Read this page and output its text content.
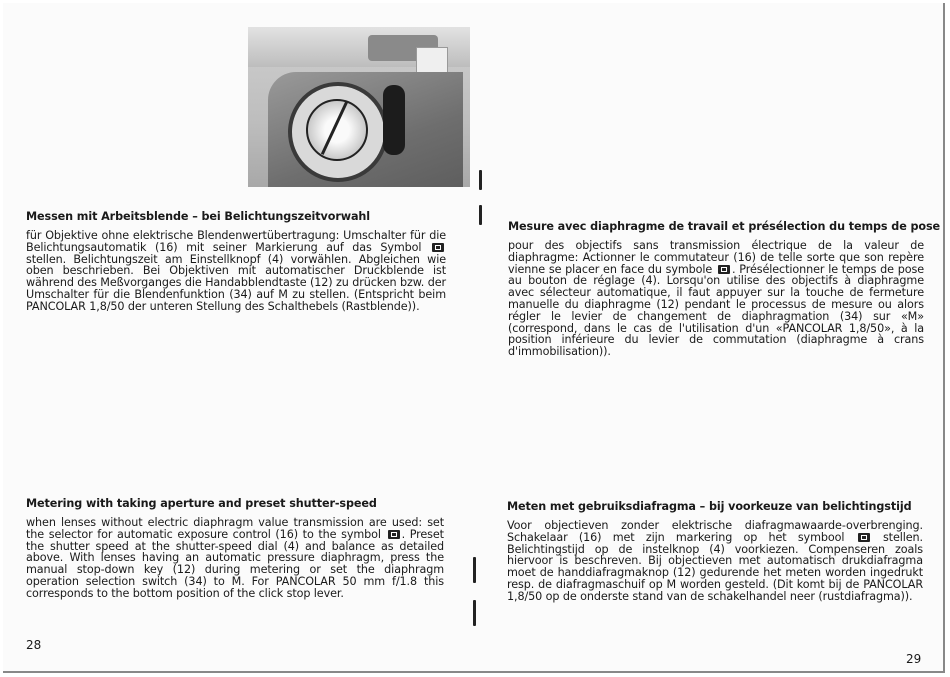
Messen mit Arbeitsblende – bei Belichtungszeitvorwahl

für Objektive ohne elektrische Blendenwertübertragung: Umschalter für die Belichtungsautomatik (16) mit seiner Markierung auf das Symbol  stellen. Belichtungszeit am Einstellknopf (4) vorwählen. Abgleichen wie oben beschrieben. Bei Objektiven mit automatischer Druckblende ist während des Meßvorganges die Handabblendtaste (12) zu drücken bzw. der Umschalter für die Blendenfunktion (34) auf M zu stellen. (Entspricht beim PANCOLAR 1,8/50 der unteren Stellung des Schalthebels (Rastblende)).

Mesure avec diaphragme de travail et présélection du temps de pose

pour des objectifs sans transmission électrique de la valeur de diaphragme: Actionner le commutateur (16) de telle sorte que son repère vienne se placer en face du symbole . Présélectionner le temps de pose au bouton de réglage (4). Lorsqu'on utilise des objectifs à diaphragme avec sélecteur automatique, il faut appuyer sur la touche de fermeture manuelle du diaphragme (12) pendant le processus de mesure ou alors régler le levier de changement de diaphragmation (34) sur «M» (correspond, dans le cas de l'utilisation d'un «PANCOLAR 1,8/50», à la position inférieure du levier de commutation (diaphragme à crans d'immobilisation)).

Metering with taking aperture and preset shutter-speed

when lenses without electric diaphragm value transmission are used: set the selector for automatic exposure control (16) to the symbol . Preset the shutter speed at the shutter-speed dial (4) and balance as detailed above. With lenses having an automatic pressure diaphragm, press the manual stop-down key (12) during metering or set the diaphragm operation selection switch (34) to M. For PANCOLAR 50 mm f/1.8 this corresponds to the bottom position of the click stop lever.

Meten met gebruiksdiafragma – bij voorkeuze van belichtingstijd

Voor objectieven zonder elektrische diafragmawaarde-overbrenging. Schakelaar (16) met zijn markering op het symbool	stellen. Belichtingstijd op de instelknop (4) voorkiezen. Compenseren zoals hiervoor is beschreven. Bij objectieven met automatisch drukdiafragma moet de handdiafragmaknop (12) gedurende het meten worden ingedrukt resp. de diafragmaschuif op M worden gesteld. (Dit komt bij de PANCOLAR 1,8/50 op de onderste stand van de schakelhandel neer (rustdiafragma)).

28
29
